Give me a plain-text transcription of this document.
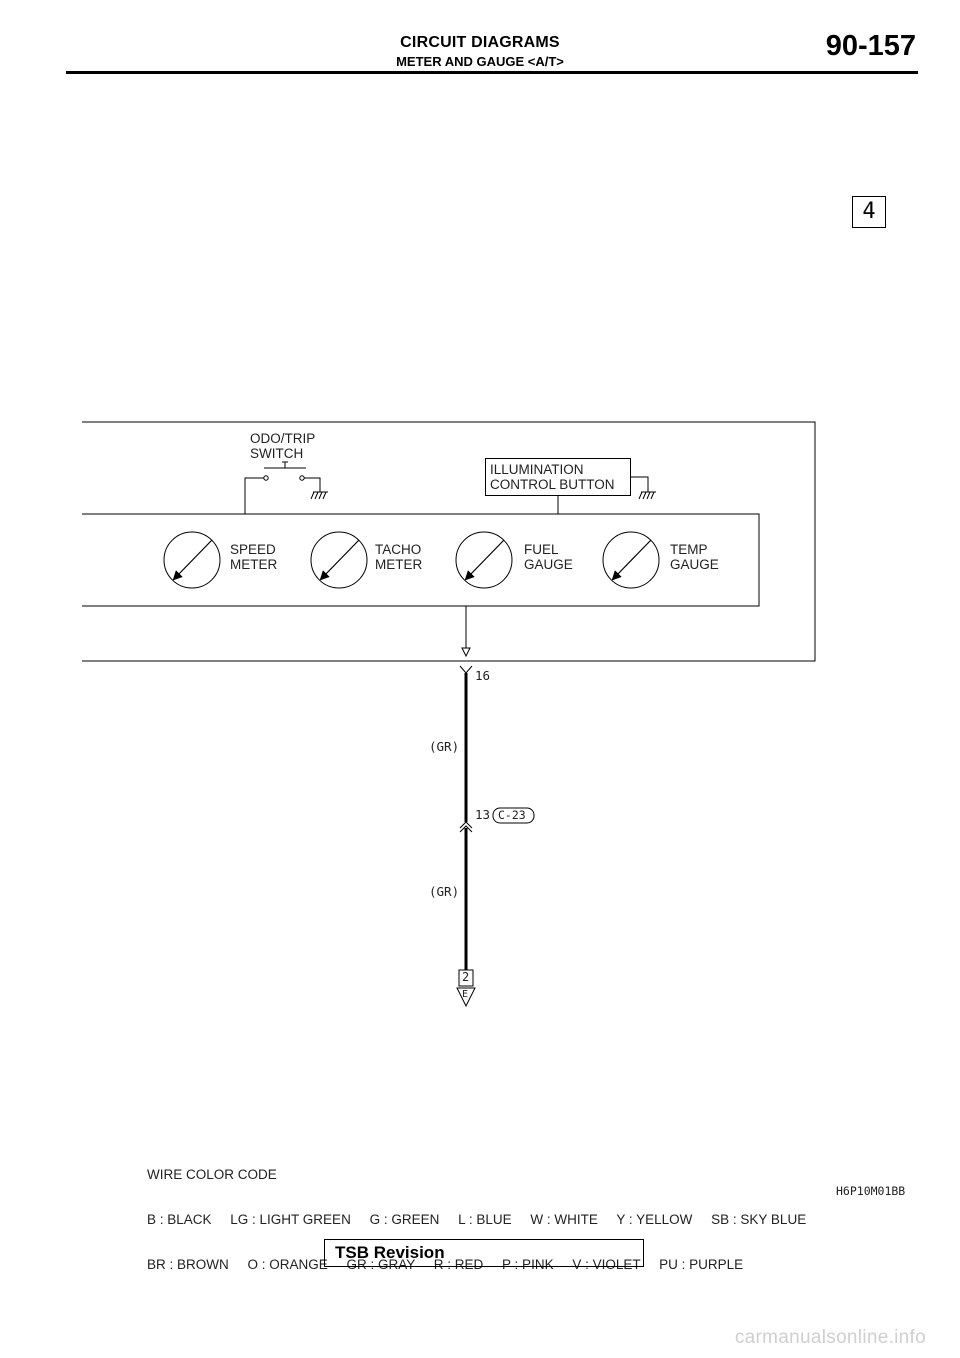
CIRCUIT DIAGRAMS
METER AND GAUGE <A/T>	90-157
4
ODO/TRIP
SWITCH
ILLUMINATION
CONTROL BUTTON
SPEED
METER
TACHO
METER
FUEL
GAUGE
TEMP
GAUGE
16
(GR)
13 C-23
(GR)
2
E

WIRE COLOR CODE

B : BLACK     LG : LIGHT GREEN     G : GREEN     L : BLUE     W : WHITE     Y : YELLOW     SB : SKY BLUE

BR : BROWN     O : ORANGE     GR : GRAY     R : RED     P : PINK     V : VIOLET     PU : PURPLE

H6P10M01BB
TSB Revision
carmanualsonline.info
